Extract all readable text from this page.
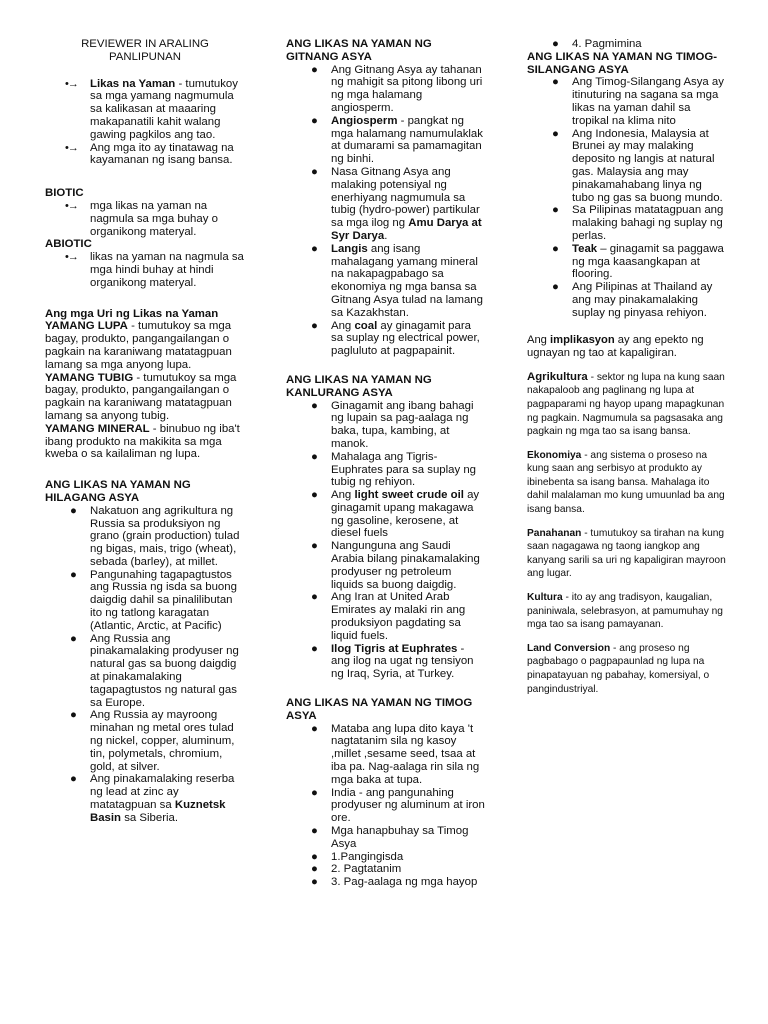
REVIEWER IN ARALING PANLIPUNAN
•→ Likas na Yaman - tumutukoy sa mga yamang nagmumula sa kalikasan at maaaring makapanatili kahit walang gawing pagkilos ang tao.
•→ Ang mga ito ay tinatawag na kayamanan ng isang bansa.

BIOTIC

•→ mga likas na yaman na nagmula sa mga buhay o organikong materyal.

ABIOTIC

•→ likas na yaman na nagmula sa mga hindi buhay at hindi organikong materyal.

Ang mga Uri ng Likas na Yaman

YAMANG LUPA - tumutukoy sa mga bagay, produkto, pangangailangan o pagkain na karaniwang matatagpuan lamang sa mga anyong lupa.

YAMANG TUBIG - tumutukoy sa mga bagay, produkto, pangangailangan o pagkain na karaniwang matatagpuan lamang sa anyong tubig.

YAMANG MINERAL - binubuo ng iba't ibang produkto na makikita sa mga kweba o sa kailaliman ng lupa.

ANG LIKAS NA YAMAN NG HILAGANG ASYA

● Nakatuon ang agrikultura ng Russia sa produksiyon ng grano (grain production) tulad ng bigas, mais, trigo (wheat), sebada (barley), at millet.
● Pangunahing tagapagtustos ang Russia ng isda sa buong daigdig dahil sa pinalilibutan ito ng tatlong karagatan (Atlantic, Arctic, at Pacific)
● Ang Russia ang pinakamalaking prodyuser ng natural gas sa buong daigdig at pinakamalaking tagapagtustos ng natural gas sa Europe.
● Ang Russia ay mayroong minahan ng metal ores tulad ng nickel, copper, aluminum, tin, polymetals, chromium, gold, at silver.
● Ang pinakamalaking reserba ng lead at zinc ay matatagpuan sa Kuznetsk Basin sa Siberia.

ANG LIKAS NA YAMAN NG GITNANG ASYA

● Ang Gitnang Asya ay tahanan ng mahigit sa pitong libong uri ng mga halamang angiosperm.
● Angiosperm - pangkat ng mga halamang namumulaklak at dumarami sa pamamagitan ng binhi.
● Nasa Gitnang Asya ang malaking potensiyal ng enerhiyang nagmumula sa tubig (hydro-power) partikular sa mga ilog ng Amu Darya at Syr Darya.
● Langis ang isang mahalagang yamang mineral na nakapagpabago sa ekonomiya ng mga bansa sa Gitnang Asya tulad na lamang sa Kazakhstan.
● Ang coal ay ginagamit para sa suplay ng electrical power, pagluluto at pagpapainit.

ANG LIKAS NA YAMAN NG KANLURANG ASYA

● Ginagamit ang ibang bahagi ng lupain sa pag-aalaga ng baka, tupa, kambing, at manok.
● Mahalaga ang Tigris-Euphrates para sa suplay ng tubig ng rehiyon.
● Ang light sweet crude oil ay ginagamit upang makagawa ng gasoline, kerosene, at diesel fuels
● Nangunguna ang Saudi Arabia bilang pinakamalaking prodyuser ng petroleum liquids sa buong daigdig.
● Ang Iran at United Arab Emirates ay malaki rin ang produksiyon pagdating sa liquid fuels.
● Ilog Tigris at Euphrates - ang ilog na ugat ng tensiyon ng Iraq, Syria, at Turkey.

ANG LIKAS NA YAMAN NG TIMOG ASYA

● Mataba ang lupa dito kaya 't nagtatanim sila ng kasoy ,millet ,sesame seed, tsaa at iba pa. Nag-aalaga rin sila ng mga baka at tupa.
● India - ang pangunahing prodyuser ng aluminum at iron ore.
● Mga hanapbuhay sa Timog Asya
● 1.Pangingisda
● 2. Pagtatanim
● 3. Pag-aalaga ng mga hayop
● 4. Pagmimina

ANG LIKAS NA YAMAN NG TIMOG-SILANGANG ASYA

● Ang Timog-Silangang Asya ay itinuturing na sagana sa mga likas na yaman dahil sa tropikal na klima nito
● Ang Indonesia, Malaysia at Brunei ay may malaking deposito ng langis at natural gas. Malaysia ang may pinakamahabang linya ng tubo ng gas sa buong mundo.
● Sa Pilipinas matatagpuan ang malaking bahagi ng suplay ng perlas.
● Teak – ginagamit sa paggawa ng mga kaasangkapan at flooring.
● Ang Pilipinas at Thailand ay ang may pinakamalaking suplay ng pinyasa rehiyon.

Ang implikasyon ay ang epekto ng ugnayan ng tao at kapaligiran.

Agrikultura - sektor ng lupa na kung saan nakapaloob ang paglinang ng lupa at pagpaparami ng hayop upang mapagkunan ng pagkain. Nagmumula sa pagsasaka ang pagkain ng mga tao sa isang bansa.

Ekonomiya - ang sistema o proseso na kung saan ang serbisyo at produkto ay ibinebenta sa isang bansa. Mahalaga ito dahil malalaman mo kung umuunlad ba ang isang bansa.

Panahanan - tumutukoy sa tirahan na kung saan nagagawa ng taong iangkop ang kanyang sarili sa uri ng kapaligiran mayroon ang lugar.

Kultura - ito ay ang tradisyon, kaugalian, paniniwala, selebrasyon, at pamumuhay ng mga tao sa isang pamayanan.

Land Conversion - ang proseso ng pagbabago o pagpapaunlad ng lupa na pinapatayuan ng pabahay, komersiyal, o pangindustriyal.
